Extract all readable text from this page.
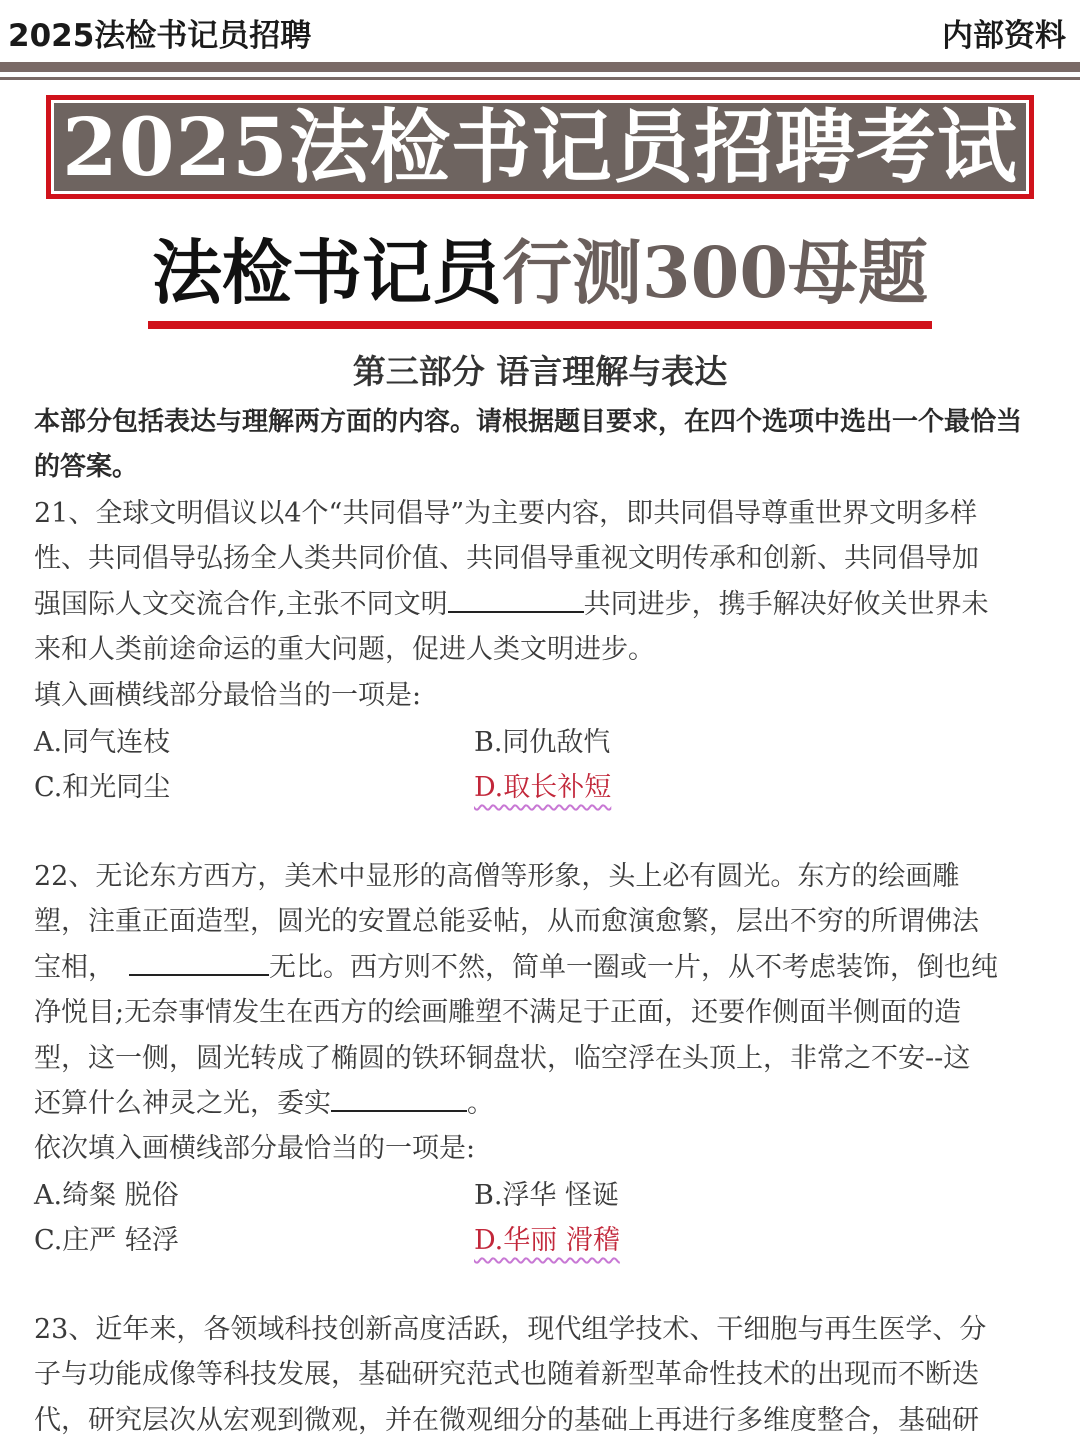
2025法检书记员招聘	内部资料
2025法检书记员招聘考试
法检书记员行测300母题
第三部分 语言理解与表达
本部分包括表达与理解两方面的内容。请根据题目要求，在四个选项中选出一个最恰当的答案。
21、全球文明倡议以4个“共同倡导”为主要内容，即共同倡导尊重世界文明多样
性、共同倡导弘扬全人类共同价值、共同倡导重视文明传承和创新、共同倡导加
强国际人文交流合作,主张不同文明	共同进步，携手解决好攸关世界未
来和人类前途命运的重大问题，促进人类文明进步。
填入画横线部分最恰当的一项是:
A.同气连枝	B.同仇敌忾
C.和光同尘	D.取长补短
22、无论东方西方，美术中显形的高僧等形象，头上必有圆光。东方的绘画雕
塑，注重正面造型，圆光的安置总能妥帖，从而愈演愈繁，层出不穷的所谓佛法
宝相，	无比。西方则不然，简单一圈或一片，从不考虑装饰，倒也纯
净悦目;无奈事情发生在西方的绘画雕塑不满足于正面，还要作侧面半侧面的造
型，这一侧，圆光转成了椭圆的铁环铜盘状，临空浮在头顶上，非常之不安--这
还算什么神灵之光，委实	。
依次填入画横线部分最恰当的一项是:
A.绮粲 脱俗	B.浮华 怪诞
C.庄严 轻浮	D.华丽 滑稽
23、近年来，各领域科技创新高度活跃，现代组学技术、干细胞与再生医学、分
子与功能成像等科技发展，基础研究范式也随着新型革命性技术的出现而不断迭
代，研究层次从宏观到微观，并在微观细分的基础上再进行多维度整合，基础研
